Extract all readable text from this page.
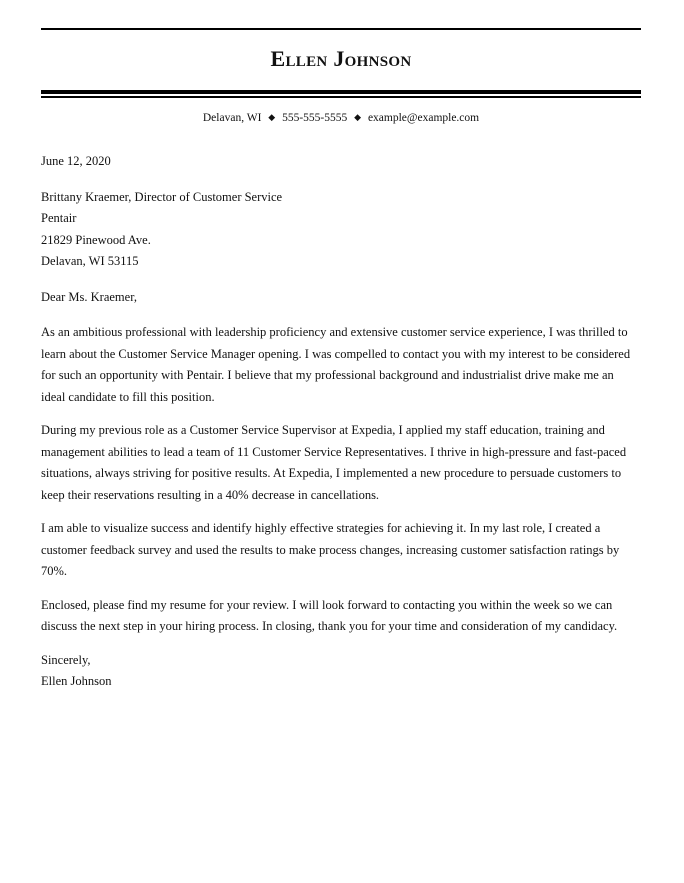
Ellen Johnson
Delavan, WI ◆ 555-555-5555 ◆ example@example.com

June 12, 2020

Brittany Kraemer, Director of Customer Service

Pentair

21829 Pinewood Ave.

Delavan, WI 53115

Dear Ms. Kraemer,

As an ambitious professional with leadership proficiency and extensive customer service experience, I was thrilled to learn about the Customer Service Manager opening. I was compelled to contact you with my interest to be considered for such an opportunity with Pentair. I believe that my professional background and industrialist drive make me an ideal candidate to fill this position.

During my previous role as a Customer Service Supervisor at Expedia, I applied my staff education, training and management abilities to lead a team of 11 Customer Service Representatives. I thrive in high-pressure and fast-paced situations, always striving for positive results. At Expedia, I implemented a new procedure to persuade customers to keep their reservations resulting in a 40% decrease in cancellations.

I am able to visualize success and identify highly effective strategies for achieving it. In my last role, I created a customer feedback survey and used the results to make process changes, increasing customer satisfaction ratings by 70%.

Enclosed, please find my resume for your review. I will look forward to contacting you within the week so we can discuss the next step in your hiring process. In closing, thank you for your time and consideration of my candidacy.

Sincerely,

Ellen Johnson
